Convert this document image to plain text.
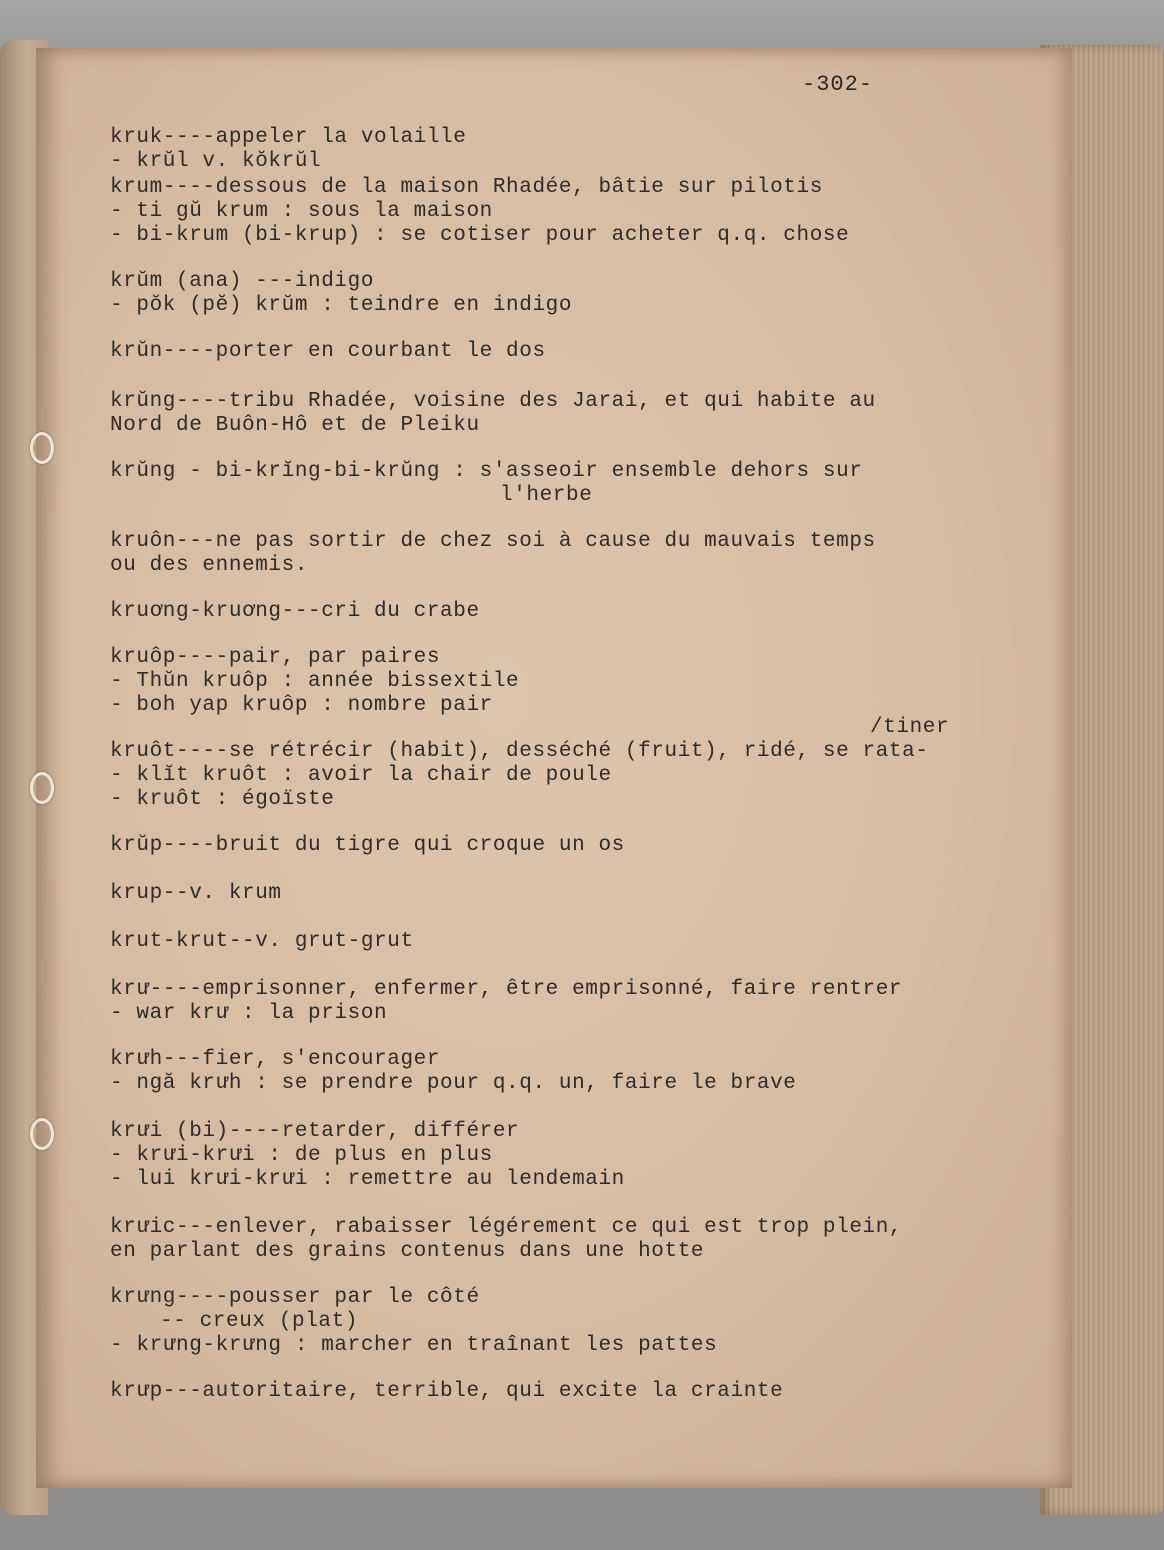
-302-
kruk----appeler la volaille
- krŭl v. kŏkrŭl
krum----dessous de la maison Rhadée, bâtie sur pilotis
- ti gŭ krum : sous la maison
- bi-krum (bi-krup) : se cotiser pour acheter q.q. chose
krŭm (ana) ---indigo
- pŏk (pĕ) krŭm : teindre en indigo
krŭn----porter en courbant le dos
krŭng----tribu Rhadée, voisine des Jarai, et qui habite au
Nord de Buôn-Hô et de Pleiku
krŭng - bi-krĭng-bi-krŭng : s'asseoir ensemble dehors sur
l'herbe
kruôn---ne pas sortir de chez soi à cause du mauvais temps
ou des ennemis.
kruơng-kruơng---cri du crabe
kruôp----pair, par paires
- Thŭn kruôp : année bissextile
- boh yap kruôp : nombre pair
/tiner
kruôt----se rétrécir (habit), desséché (fruit), ridé, se rata-
- klĭt kruôt : avoir la chair de poule
- kruôt : égoïste
krŭp----bruit du tigre qui croque un os
krup--v. krum
krut-krut--v. grut-grut
krư----emprisonner, enfermer, être emprisonné, faire rentrer
- war krư : la prison
krưh---fier, s'encourager
- ngă krưh : se prendre pour q.q. un, faire le brave
krưi (bi)----retarder, différer
- krưi-krưi : de plus en plus
- lui krưi-krưi : remettre au lendemain
krưic---enlever, rabaisser légérement ce qui est trop plein,
en parlant des grains contenus dans une hotte
krưng----pousser par le côté
-- creux (plat)
- krưng-krưng : marcher en traînant les pattes
krưp---autoritaire, terrible, qui excite la crainte
